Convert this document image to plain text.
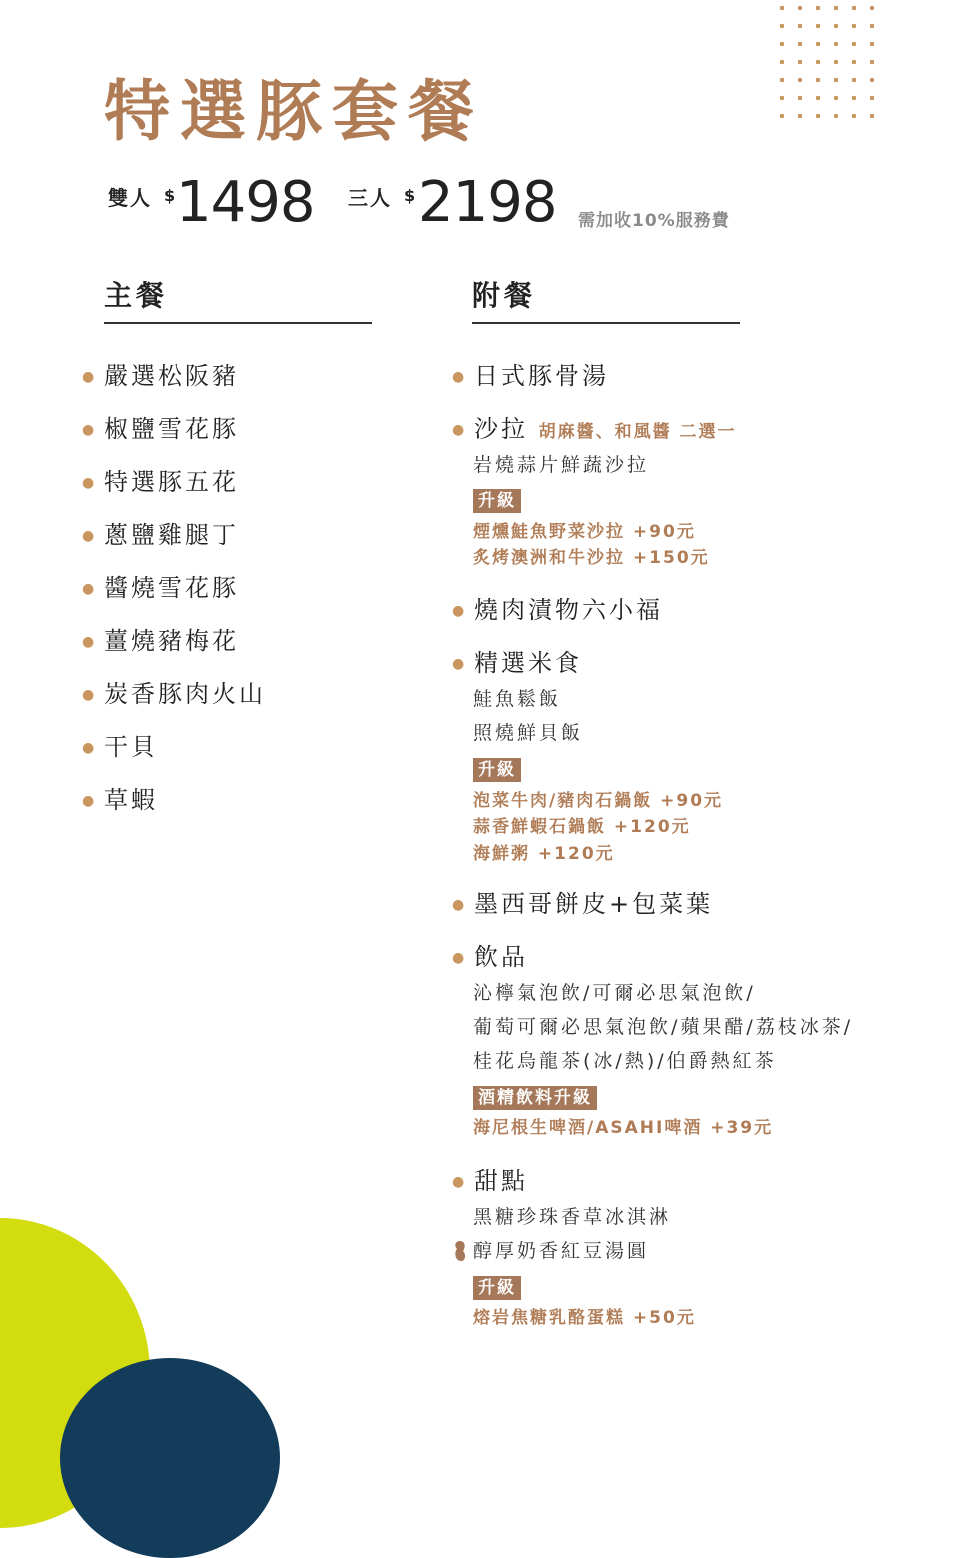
特選豚套餐
雙人 $ 1498 三人 $ 2198 需加收10%服務費
主餐	附餐
● 嚴選松阪豬
● 椒鹽雪花豚
● 特選豚五花
● 蔥鹽雞腿丁
● 醬燒雪花豚
● 薑燒豬梅花
● 炭香豚肉火山
● 干貝
● 草蝦
● 日式豚骨湯
● 沙拉 胡麻醬、和風醬 二選一
岩燒蒜片鮮蔬沙拉
升級
煙燻鮭魚野菜沙拉 +90元
炙烤澳洲和牛沙拉 +150元
● 燒肉漬物六小福
● 精選米食
鮭魚鬆飯
照燒鮮貝飯
升級
泡菜牛肉/豬肉石鍋飯 +90元
蒜香鮮蝦石鍋飯 +120元
海鮮粥 +120元
● 墨西哥餅皮+包菜葉
● 飲品
沁檸氣泡飲/可爾必思氣泡飲/
葡萄可爾必思氣泡飲/蘋果醋/荔枝冰茶/
桂花烏龍茶(冰/熱)/伯爵熱紅茶
酒精飲料升級
海尼根生啤酒/ASAHI啤酒 +39元
● 甜點
黑糖珍珠香草冰淇淋
醇厚奶香紅豆湯圓
升級
熔岩焦糖乳酪蛋糕 +50元
